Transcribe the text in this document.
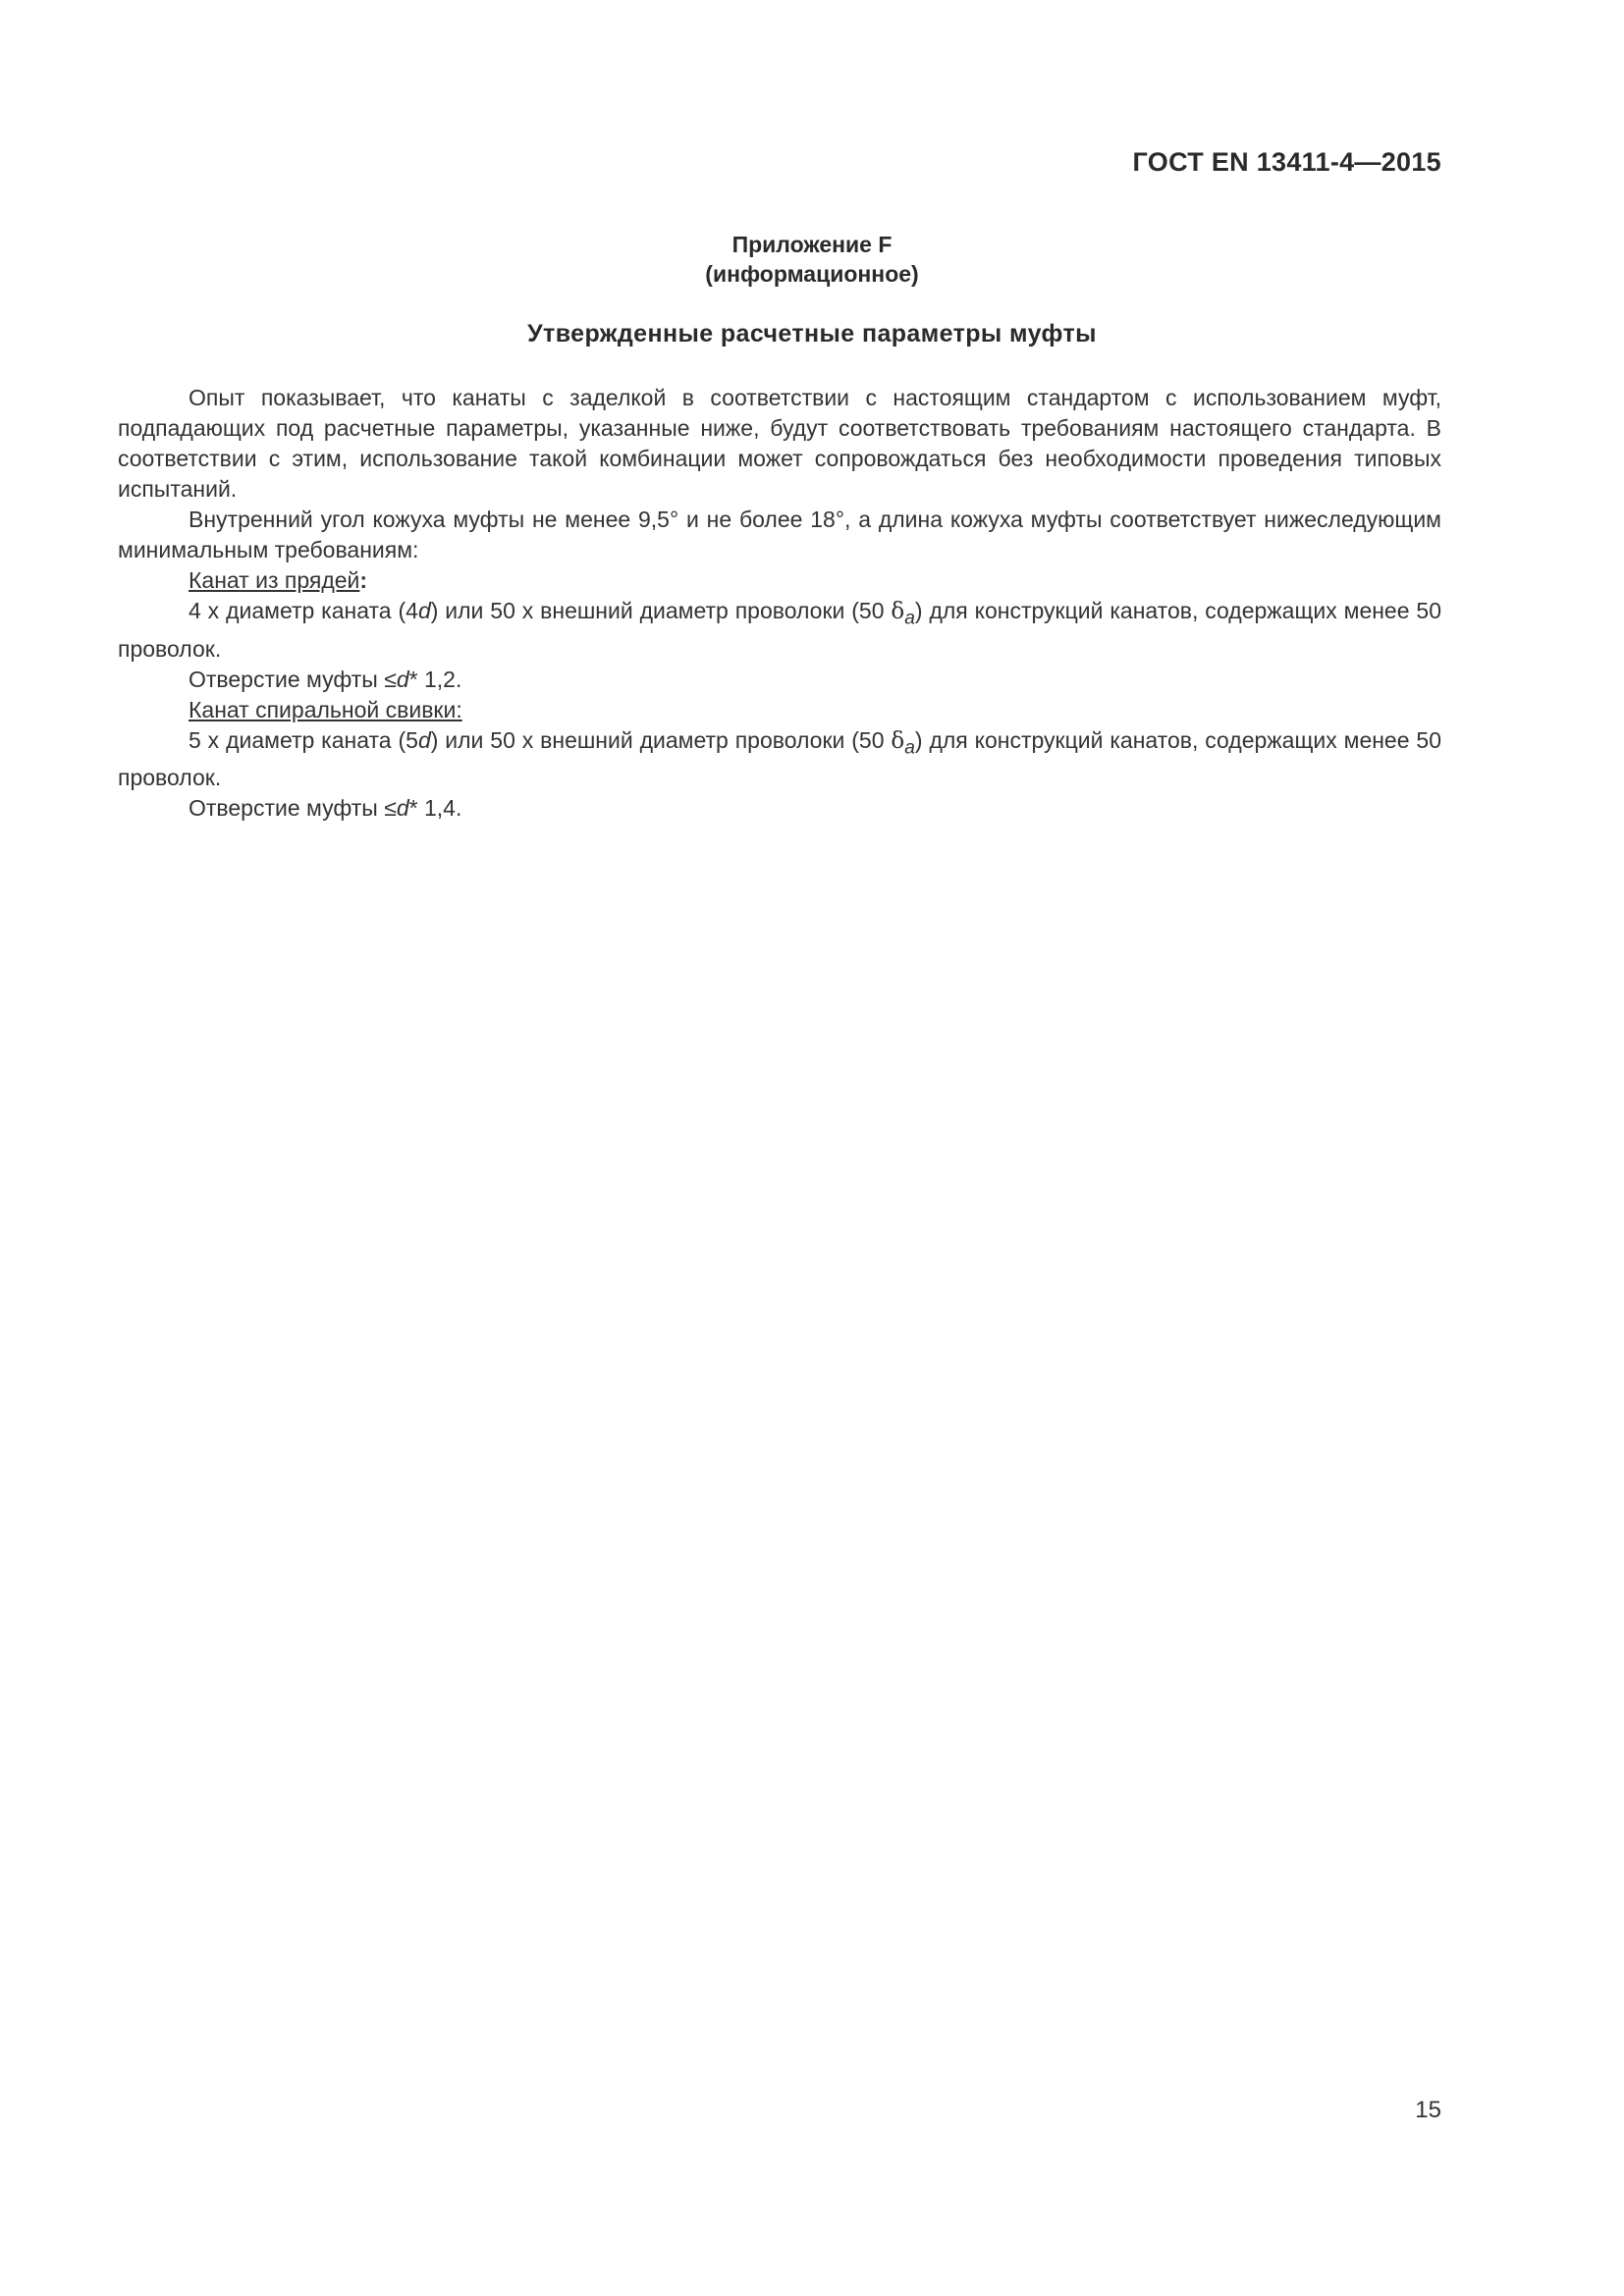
ГОСТ EN 13411-4—2015
Приложение F
(информационное)
Утвержденные расчетные параметры муфты

Опыт показывает, что канаты с заделкой в соответствии с настоящим стандартом с использованием муфт, подпадающих под расчетные параметры, указанные ниже, будут соответствовать требованиям настоящего стандарта. В соответствии с этим, использование такой комбинации может сопровождаться без необходимости проведения типовых испытаний.

Внутренний угол кожуха муфты не менее 9,5° и не более 18°, а длина кожуха муфты соответствует нижеследующим минимальным требованиям:

Канат из прядей:

4 х диаметр каната (4d) или 50 х внешний диаметр проволоки (50 $\delta_a$) для конструкций канатов, содержащих менее 50 проволок.

Отверстие муфты ≤d* 1,2.

Канат спиральной свивки:

5 х диаметр каната (5d) или 50 х внешний диаметр проволоки (50 $\delta_a$) для конструкций канатов, содержащих менее 50 проволок.

Отверстие муфты ≤d* 1,4.

15
